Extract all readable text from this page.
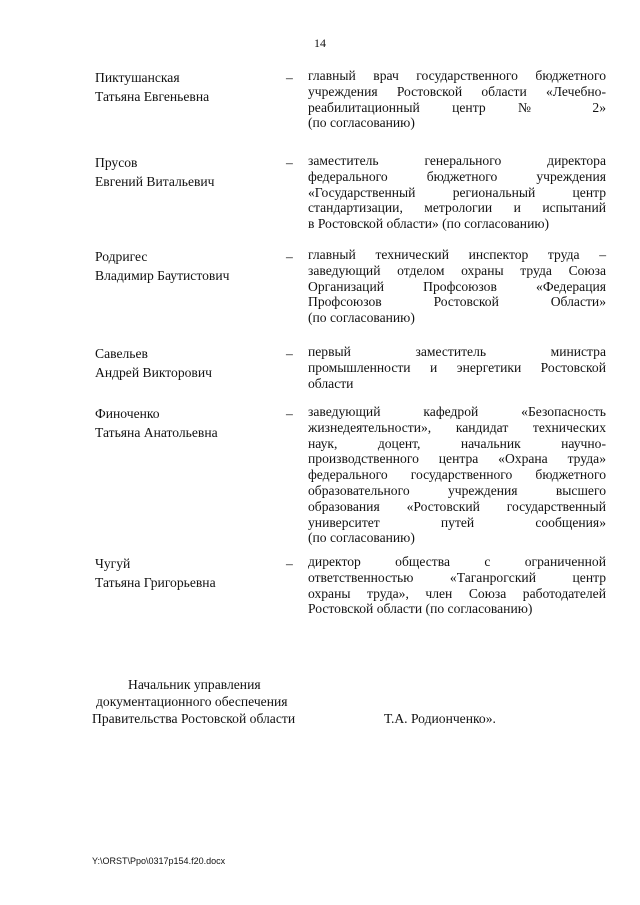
14
Пиктушанская
Татьяна Евгеньевна
– главный врач государственного бюджетного
учреждения Ростовской области «Лечебно-
реабилитационный центр № 2»
(по согласованию)
Прусов
Евгений Витальевич
– заместитель генерального директора
федерального бюджетного учреждения
«Государственный региональный центр
стандартизации, метрологии и испытаний
в Ростовской области» (по согласованию)
Родригес
Владимир Баутистович
– главный технический инспектор труда –
заведующий отделом охраны труда Союза
Организаций Профсоюзов «Федерация
Профсоюзов Ростовской Области»
(по согласованию)
Савельев
Андрей Викторович
– первый заместитель министра
промышленности и энергетики Ростовской
области
Финоченко
Татьяна Анатольевна
– заведующий кафедрой «Безопасность
жизнедеятельности», кандидат технических
наук, доцент, начальник научно-
производственного центра «Охрана труда»
федерального государственного бюджетного
образовательного учреждения высшего
образования «Ростовский государственный
университет путей сообщения»
(по согласованию)
Чугуй
Татьяна Григорьевна
– директор общества с ограниченной
ответственностью «Таганрогский центр
охраны труда», член Союза работодателей
Ростовской области (по согласованию)
Начальник управления
документационного обеспечения
Правительства Ростовской области	Т.А. Родионченко».
Y:\ORST\Ppo\0317p154.f20.docx
